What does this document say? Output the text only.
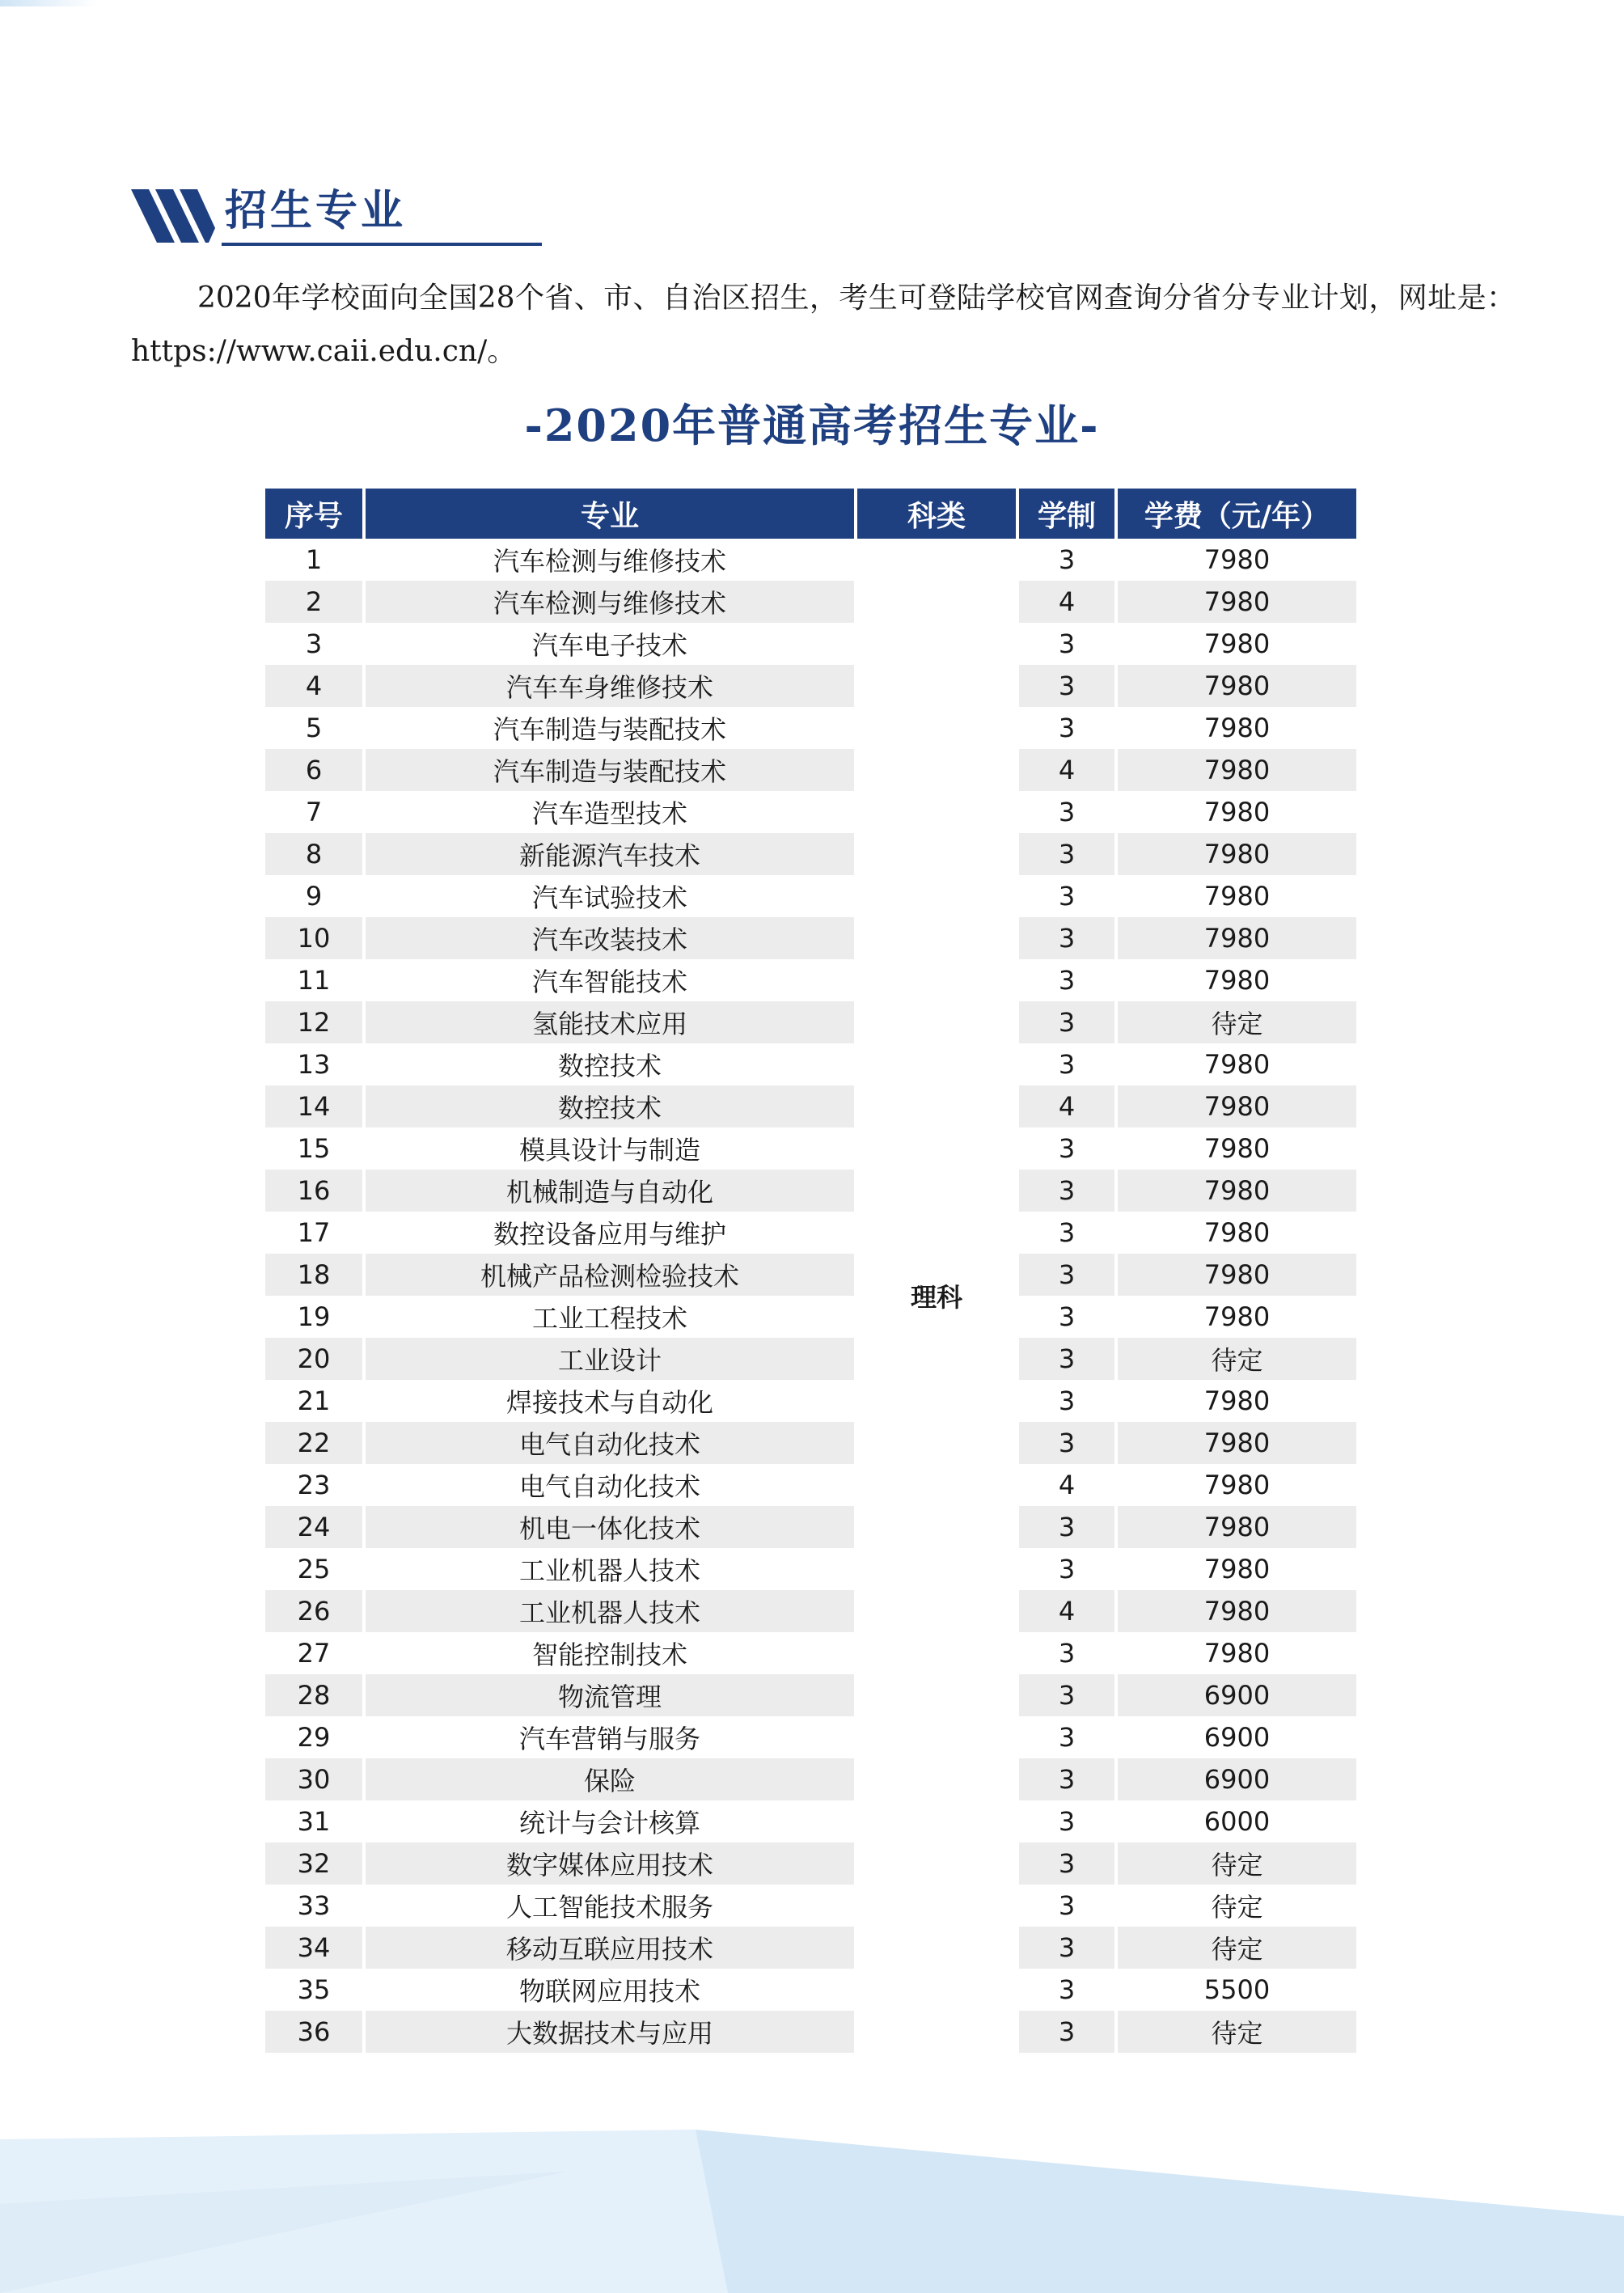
招生专业

2020年学校面向全国28个省、市、自治区招生，考生可登陆学校官网查询分省分专业计划，网址是：https://www.caii.edu.cn/。

-2020年普通高考招生专业-
序号	专业	科类	学制	学费（元/年）
1	汽车检测与维修技术	理科	3	7980
2	汽车检测与维修技术		4	7980
3	汽车电子技术		3	7980
4	汽车车身维修技术		3	7980
5	汽车制造与装配技术		3	7980
6	汽车制造与装配技术		4	7980
7	汽车造型技术		3	7980
8	新能源汽车技术		3	7980
9	汽车试验技术		3	7980
10	汽车改装技术		3	7980
11	汽车智能技术		3	7980
12	氢能技术应用		3	待定
13	数控技术		3	7980
14	数控技术		4	7980
15	模具设计与制造		3	7980
16	机械制造与自动化		3	7980
17	数控设备应用与维护		3	7980
18	机械产品检测检验技术		3	7980
19	工业工程技术		3	7980
20	工业设计		3	待定
21	焊接技术与自动化		3	7980
22	电气自动化技术		3	7980
23	电气自动化技术		4	7980
24	机电一体化技术		3	7980
25	工业机器人技术		3	7980
26	工业机器人技术		4	7980
27	智能控制技术		3	7980
28	物流管理		3	6900
29	汽车营销与服务		3	6900
30	保险		3	6900
31	统计与会计核算		3	6000
32	数字媒体应用技术		3	待定
33	人工智能技术服务		3	待定
34	移动互联应用技术		3	待定
35	物联网应用技术		3	5500
36	大数据技术与应用		3	待定
